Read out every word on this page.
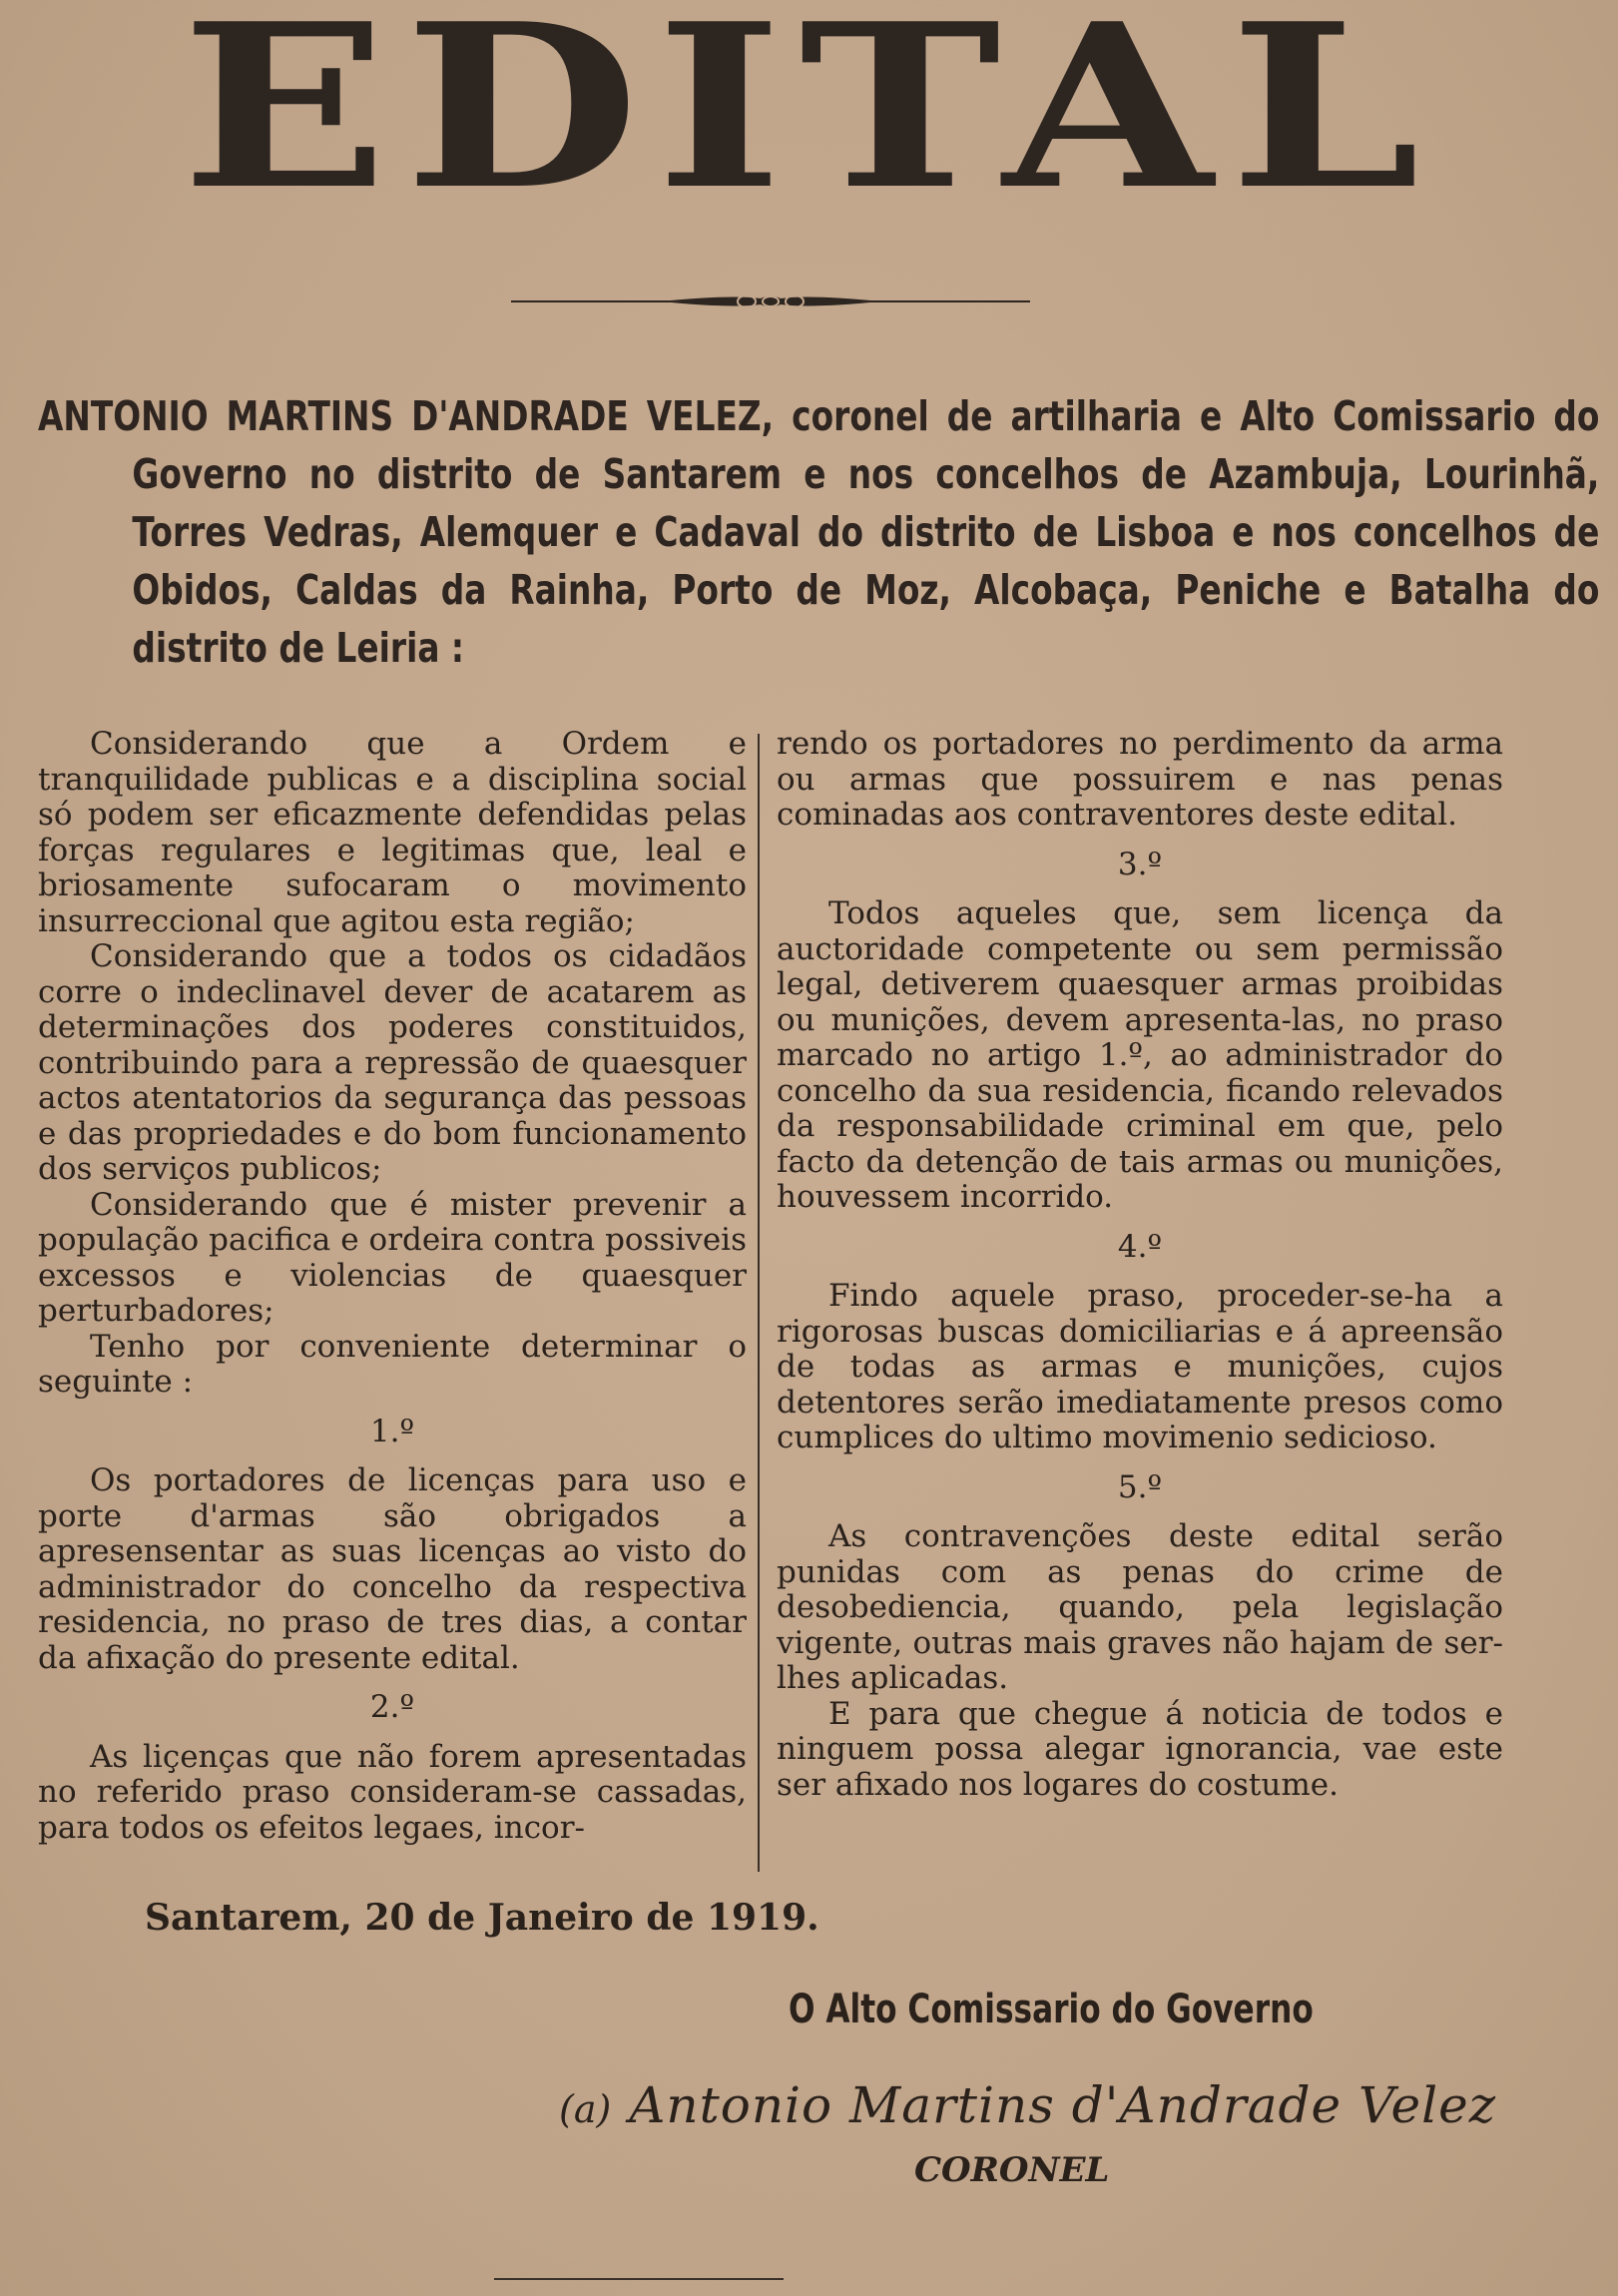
EDITAL
ANTONIO MARTINS D'ANDRADE VELEZ, coronel de artilharia e Alto Comissario do Governo no distrito de Santarem e nos concelhos de Azambuja, Lourinhã, Torres Vedras, Alemquer e Cadaval do distrito de Lisboa e nos concelhos de Obidos, Caldas da Rainha, Porto de Moz, Alcobaça, Peniche e Batalha do distrito de Leiria :

Considerando que a Ordem e tranquilidade publicas e a disciplina social só podem ser eficazmente defendidas pelas forças regulares e legitimas que, leal e briosamente sufocaram o movimento insurreccional que agitou esta região;

Considerando que a todos os cidadãos corre o indeclinavel dever de acatarem as determinações dos poderes constituidos, contribuindo para a repressão de quaesquer actos atentatorios da segurança das pessoas e das propriedades e do bom funcionamento dos serviços publicos;

Considerando que é mister prevenir a população pacifica e ordeira contra possiveis excessos e violencias de quaesquer perturbadores;

Tenho por conveniente determinar o seguinte :

1.º

Os portadores de licenças para uso e porte d'armas são obrigados a apresensentar as suas licenças ao visto do administrador do concelho da respectiva residencia, no praso de tres dias, a contar da afixação do presente edital.

2.º

As liçenças que não forem apresentadas no referido praso consideram-se cassadas, para todos os efeitos legaes, incor-

rendo os portadores no perdimento da arma ou armas que possuirem e nas penas cominadas aos contraventores deste edital.

3.º

Todos aqueles que, sem licença da auctoridade competente ou sem permissão legal, detiverem quaesquer armas proibidas ou munições, devem apresenta-las, no praso marcado no artigo 1.º, ao administrador do concelho da sua residencia, ficando relevados da responsabilidade criminal em que, pelo facto da detenção de tais armas ou munições, houvessem incorrido.

4.º

Findo aquele praso, proceder-se-ha a rigorosas buscas domiciliarias e á apreensão de todas as armas e munições, cujos detentores serão imediatamente presos como cumplices do ultimo movimenio sedicioso.

5.º

As contravenções deste edital serão punidas com as penas do crime de desobediencia, quando, pela legislação vigente, outras mais graves não hajam de ser-lhes aplicadas.

E para que chegue á noticia de todos e ninguem possa alegar ignorancia, vae este ser afixado nos logares do costume.

Santarem, 20 de Janeiro de 1919.
O Alto Comissario do Governo
(a) Antonio Martins d'Andrade Velez
CORONEL
